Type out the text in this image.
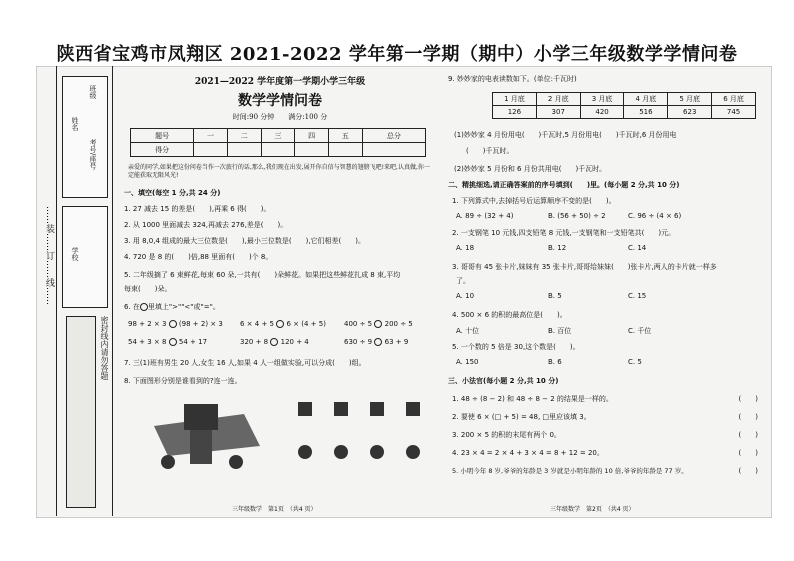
陕西省宝鸡市凤翔区 2021-2022 学年第一学期（期中）小学三年级数学学情问卷
姓名
班级
考号/座号
学校
……装……订……线……
密封线内请勿答题
2021—2022 学年度第一学期小学三年级
数学学情问卷
时间:90 分钟　　满分:100 分
题号	一	二	三	四	五	总分
得分						
亲爱的同学,如果把这份问卷当作一次旅行的话,那么,我们现在出发,展开你自信与智慧的翅膀飞吧!来吧,认真做,你一定能获取无限风光!
一、填空(每空 1 分,共 24 分)
1. 27 减去 15 的差是(　　),再乘 6 得(　　)。
2. 从 1000 里面减去 324,再减去 276,差是(　　)。
3. 用 8,0,4 组成的最大三位数是(　　),最小三位数是(　　),它们相差(　　)。
4. 720 是 8 的(　　)倍,88 里面有(　　)个 8。
5. 二年级摘了 6 束鲜花,每束 60 朵,一共有(　　)朵鲜花。如果把这些鲜花扎成 8 束,平均
每束(　　)朵。
6. 在 里填上">""<"或"="。
98 + 2 × 3 (98 + 2) × 3 6 × 4 + 5 6 × (4 + 5)	400 ÷ 5 200 ÷ 5
54 + 3 × 8 54 + 17	320 + 8 120 + 4	630 ÷ 9 63 + 9
7. 三(1)班有男生 20 人,女生 16 人,如果 4 人一组做实验,可以分成(　　)组。
8. 下面图形分别是谁看到的?连一连。
三年级数学　第1页　（共4 页）
9. 妙妙家的电表读数如下。(单位:千瓦时)
1 月底	2 月底	3 月底	4 月底	5 月底	6 月底
126	307	420	516	623	745
(1)妙妙家 4 月份用电(　　)千瓦时,5 月份用电(　　)千瓦时,6 月份用电
(　　)千瓦时。
(2)妙妙家 5 月份和 6 月份共用电(　　)千瓦时。
二、精挑细选,请正确答案前的序号填到(　　)里。(每小题 2 分,共 10 分)
1. 下列算式中,去掉括号后运算顺序不变的是(　　)。
A. 89 ÷ (32 + 4)	B. (56 + 50) ÷ 2	C. 96 ÷ (4 × 6)
2. 一支钢笔 10 元钱,四支铅笔 8 元钱,一支钢笔和一支铅笔共(　　)元。
A. 18	B. 12	C. 14
3. 哥哥有 45 张卡片,妹妹有 35 张卡片,哥哥给妹妹(　　)张卡片,两人的卡片就一样多
了。
A. 10	B. 5	C. 15
4. 500 × 6 的积的最高位是(　　)。
A. 十位	B. 百位	C. 千位
5. 一个数的 5 倍是 30,这个数是(　　)。
A. 150	B. 6	C. 5
三、小法官(每小题 2 分,共 10 分)
1. 48 ÷ (8 − 2) 和 48 ÷ 8 − 2 的结果是一样的。	(　　)
2. 要使 6 × (□ + 5) = 48, □里应该填 3。	(　　)
3. 200 × 5 的积的末尾有两个 0。	(　　)
4. 23 × 4 = 2 × 4 + 3 × 4 = 8 + 12 = 20。	(　　)
5. 小明今年 8 岁,爷爷的年龄是 3 岁就是小明年龄的 10 倍,爷爷的年龄是 77 岁。	(　　)
三年级数学　第2页　（共4 页）
